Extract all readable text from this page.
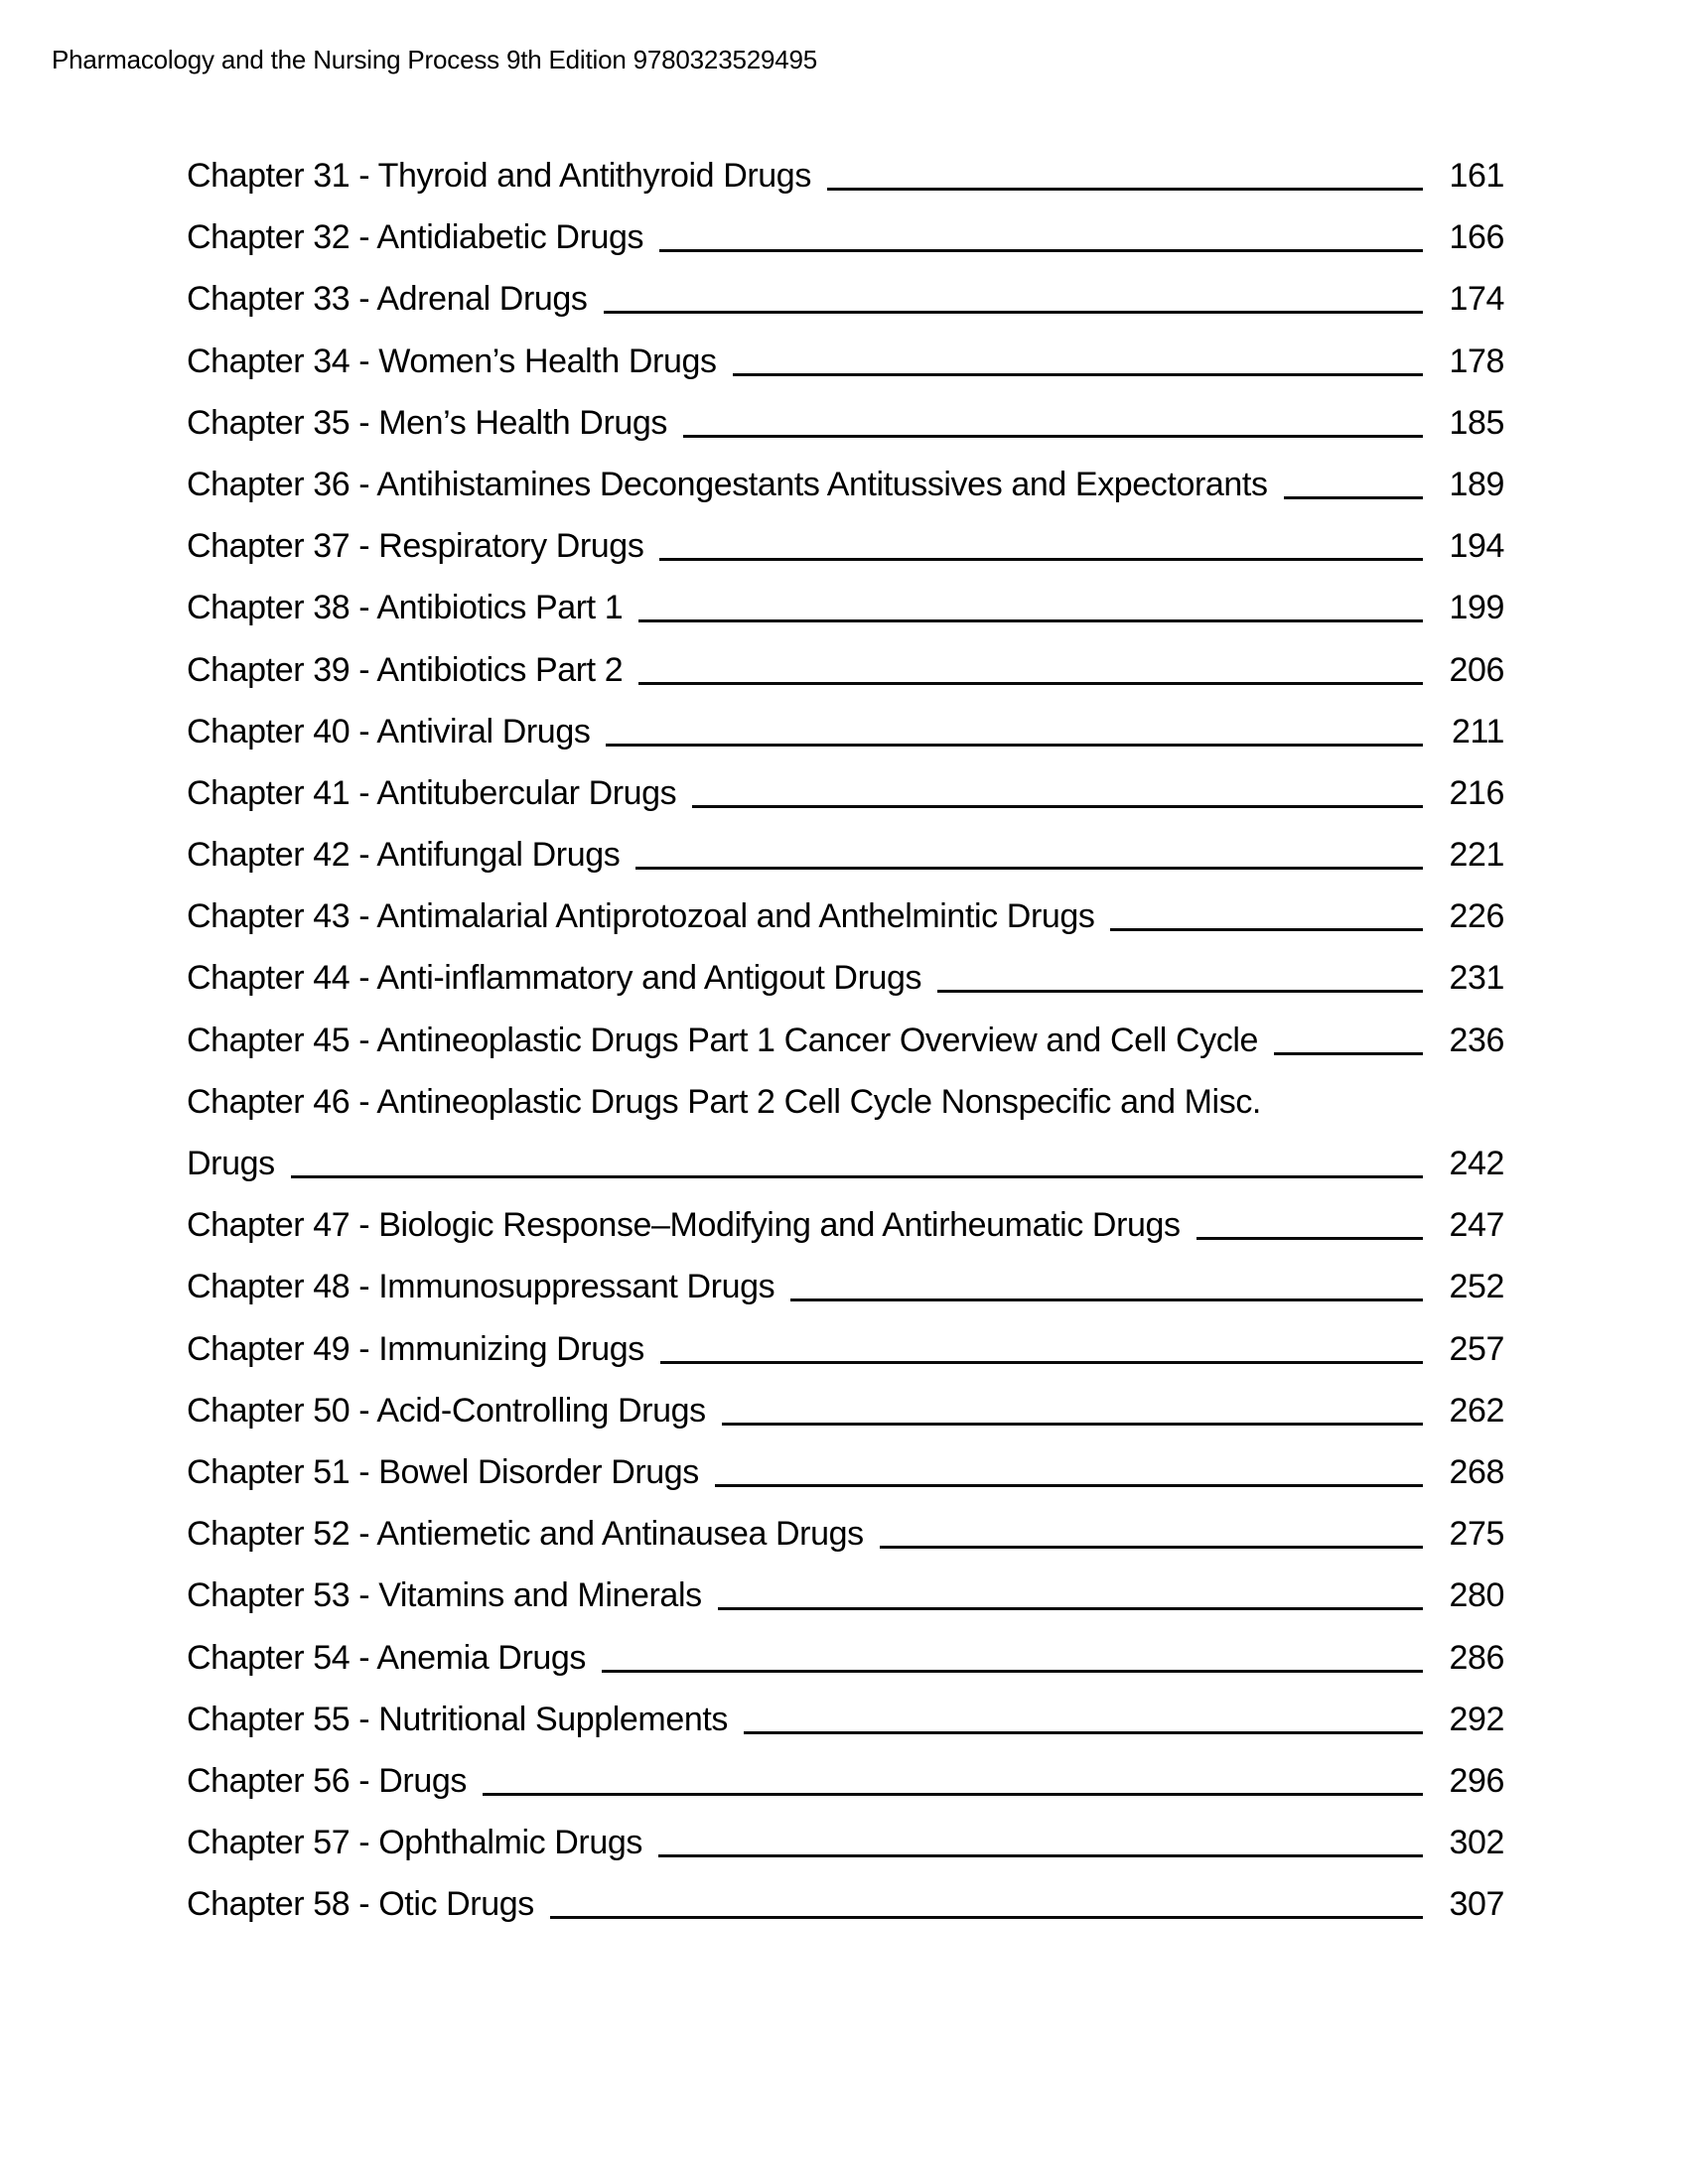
Pharmacology and the Nursing Process 9th Edition 9780323529495
Chapter 31 - Thyroid and Antithyroid Drugs	161
Chapter 32 - Antidiabetic Drugs	166
Chapter 33 - Adrenal Drugs	174
Chapter 34 - Women’s Health Drugs	178
Chapter 35 - Men’s Health Drugs	185
Chapter 36 - Antihistamines Decongestants Antitussives and Expectorants	189
Chapter 37 - Respiratory Drugs	194
Chapter 38 - Antibiotics Part 1	199
Chapter 39 - Antibiotics Part 2	206
Chapter 40 - Antiviral Drugs	211
Chapter 41 - Antitubercular Drugs	216
Chapter 42 - Antifungal Drugs	221
Chapter 43 - Antimalarial Antiprotozoal and Anthelmintic Drugs	226
Chapter 44 - Anti-inflammatory and Antigout Drugs	231
Chapter 45 - Antineoplastic Drugs Part 1 Cancer Overview and Cell Cycle	236
Chapter 46 - Antineoplastic Drugs Part 2 Cell Cycle Nonspecific and Misc.
Drugs	242
Chapter 47 - Biologic Response–Modifying and Antirheumatic Drugs	247
Chapter 48 - Immunosuppressant Drugs	252
Chapter 49 - Immunizing Drugs	257
Chapter 50 - Acid-Controlling Drugs	262
Chapter 51 - Bowel Disorder Drugs	268
Chapter 52 - Antiemetic and Antinausea Drugs	275
Chapter 53 - Vitamins and Minerals	280
Chapter 54 - Anemia Drugs	286
Chapter 55 - Nutritional Supplements	292
Chapter 56 - Drugs	296
Chapter 57 - Ophthalmic Drugs	302
Chapter 58 - Otic Drugs	307
